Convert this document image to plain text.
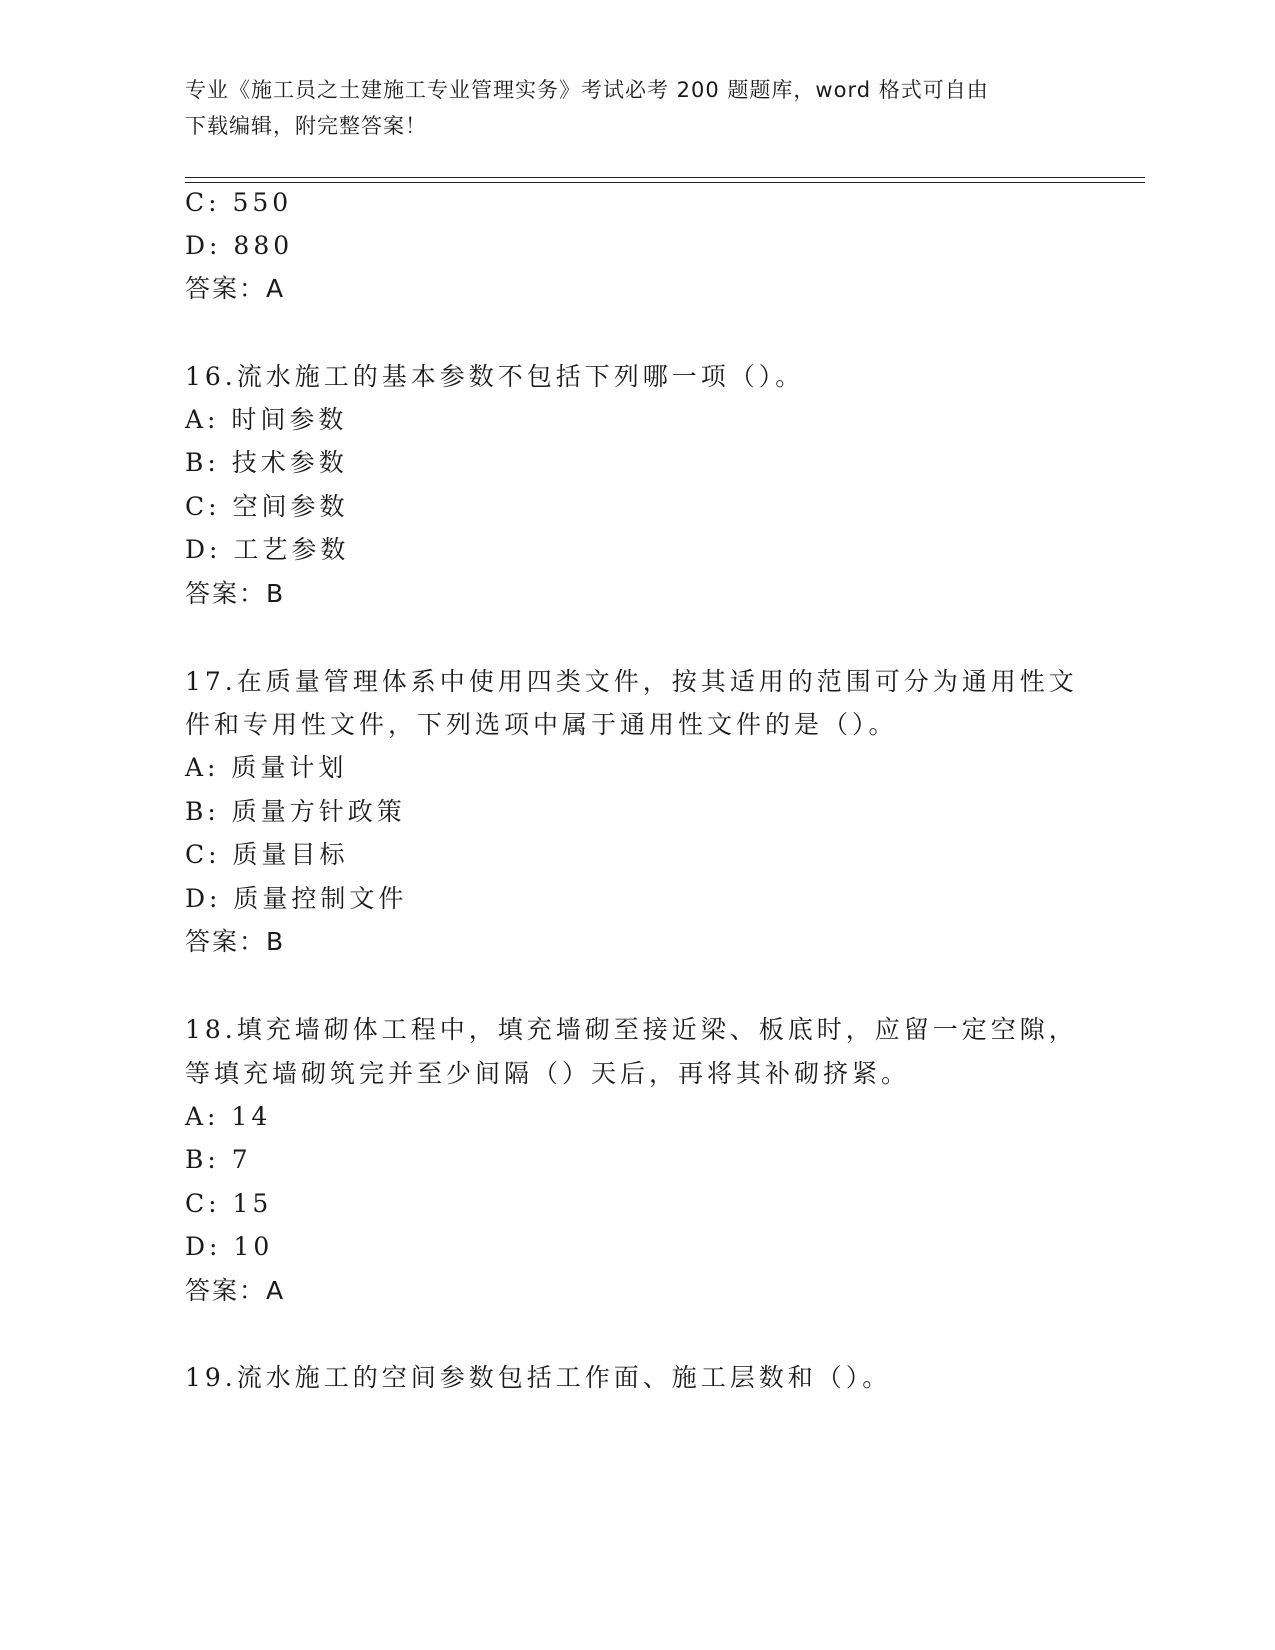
专业《施工员之土建施工专业管理实务》考试必考 200 题题库，word 格式可自由
下载编辑，附完整答案！
C: 550
D: 880
答案：A
16.流水施工的基本参数不包括下列哪一项（）。
A: 时间参数
B: 技术参数
C: 空间参数
D: 工艺参数
答案：B
17.在质量管理体系中使用四类文件，按其适用的范围可分为通用性文
件和专用性文件，下列选项中属于通用性文件的是（）。
A: 质量计划
B: 质量方针政策
C: 质量目标
D: 质量控制文件
答案：B
18.填充墙砌体工程中，填充墙砌至接近梁、板底时，应留一定空隙，
等填充墙砌筑完并至少间隔（）天后，再将其补砌挤紧。
A: 14
B: 7
C: 15
D: 10
答案：A
19.流水施工的空间参数包括工作面、施工层数和（）。
